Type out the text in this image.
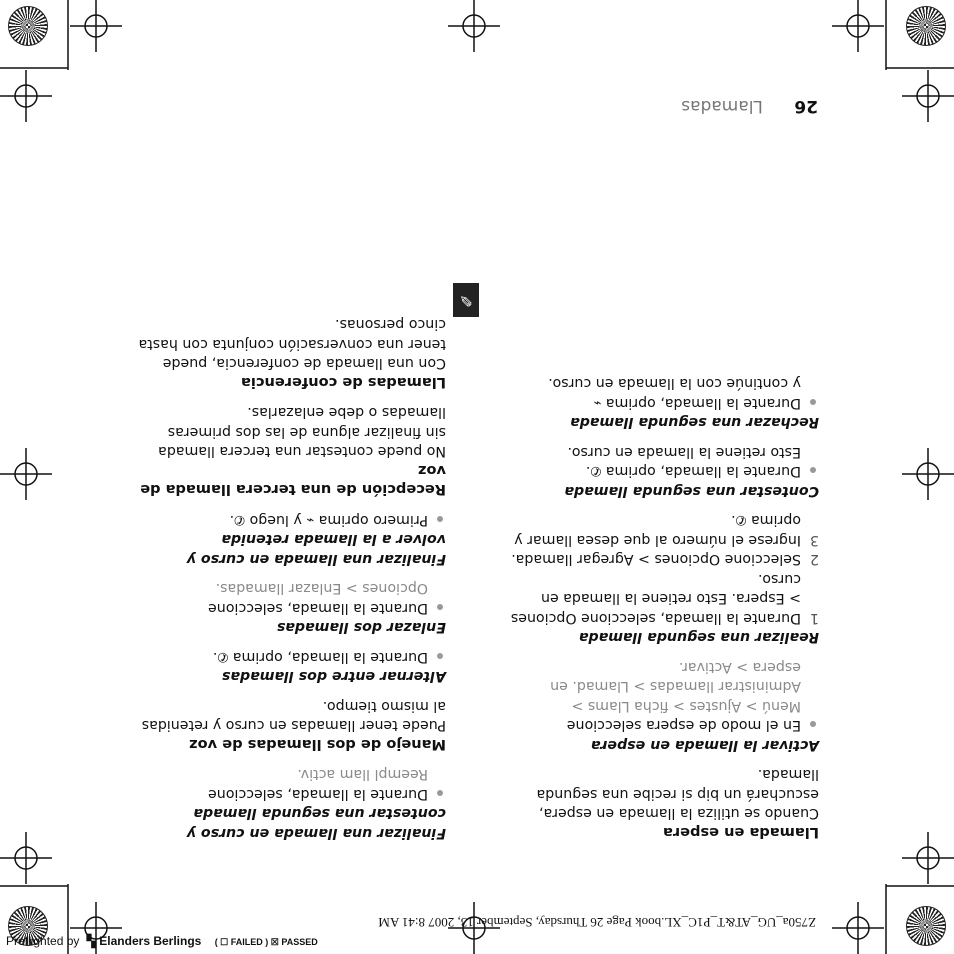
26 Llamadas

Llamada en espera

Cuando se utiliza la llamada en espera, escuchará un bip si recibe una segunda llamada.

Activar la llamada en espera

En el modo de espera seleccione
Menú > Ajustes > ficha Llams > Administrar llamadas > Llamad. en espera > Activar.

Realizar una segunda llamada

1
Durante la llamada, seleccione Opciones > Espera. Esto retiene la llamada en curso.

2
Seleccione Opciones > Agregar llamada.

3
Ingrese el número al que desea llamar y oprima ✆.

Contestar una segunda llamada

Durante la llamada, oprima ✆.

Esto retiene la llamada en curso.

Rechazar una segunda llamada

Durante la llamada, oprima ⌁
y continúe con la llamada en curso.

Finalizar una llamada en curso y contestar una segunda llamada

Durante la llamada, seleccione
Reempl llam activ.

Manejo de dos llamadas de voz

Puede tener llamadas en curso y retenidas al mismo tiempo.

Alternar entre dos llamadas

Durante la llamada, oprima ✆.

Enlazar dos llamadas

Durante la llamada, seleccione
Opciones > Enlazar llamadas.

Finalizar una llamada en curso y volver a la llamada retenida

Primero oprima ⌁ y luego ✆.

Recepción de una tercera llamada de voz

No puede contestar una tercera llamada sin finalizar alguna de las dos primeras llamadas o debe enlazarlas.

Llamadas de conferencia

Con una llamada de conferencia, puede tener una conversación conjunta con hasta cinco personas.

✎
Z750a_UG_AT&T_P1C_XL.book Page 26 Thursday, September 13, 2007 8:41 AM
Preflighted by ▚ Elanders Berlings ( ☐ FAILED ) ☒ PASSED
